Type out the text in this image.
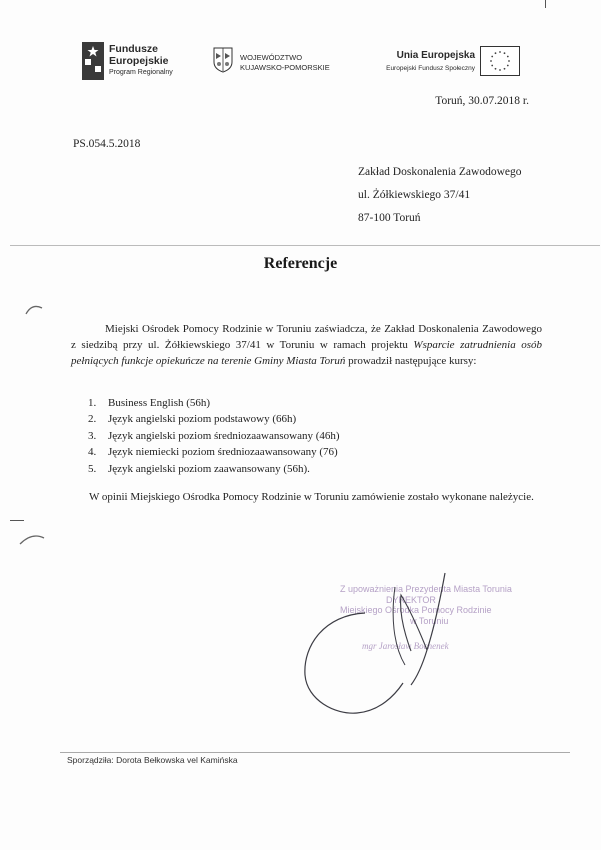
Fundusze
Europejskie
Program Regionalny
WOJEWÓDZTWO
KUJAWSKO-POMORSKIE
Unia Europejska
Europejski Fundusz Społeczny
Toruń, 30.07.2018 r.
PS.054.5.2018
Zakład Doskonalenia Zawodowego
ul. Żółkiewskiego 37/41
87-100 Toruń
Referencje
Miejski Ośrodek Pomocy Rodzinie w Toruniu zaświadcza, że Zakład Doskonalenia Zawodowego z siedzibą przy ul. Żółkiewskiego 37/41 w Toruniu w ramach projektu Wsparcie zatrudnienia osób pełniących funkcje opiekuńcze na terenie Gminy Miasta Toruń prowadził następujące kursy:
1. Business English (56h)
2. Język angielski poziom podstawowy (66h)
3. Język angielski poziom średniozaawansowany (46h)
4. Język niemiecki poziom średniozaawansowany (76)
5. Język angielski poziom zaawansowany (56h).
W opinii Miejskiego Ośrodka Pomocy Rodzinie w Toruniu zamówienie zostało wykonane należycie.
Z upoważnienia Prezydenta Miasta Torunia
DYREKTOR
Miejskiego Ośrodka Pomocy Rodzinie
w Toruniu
mgr Jarosław Bochenek
Sporządziła: Dorota Bełkowska vel Kamińska
